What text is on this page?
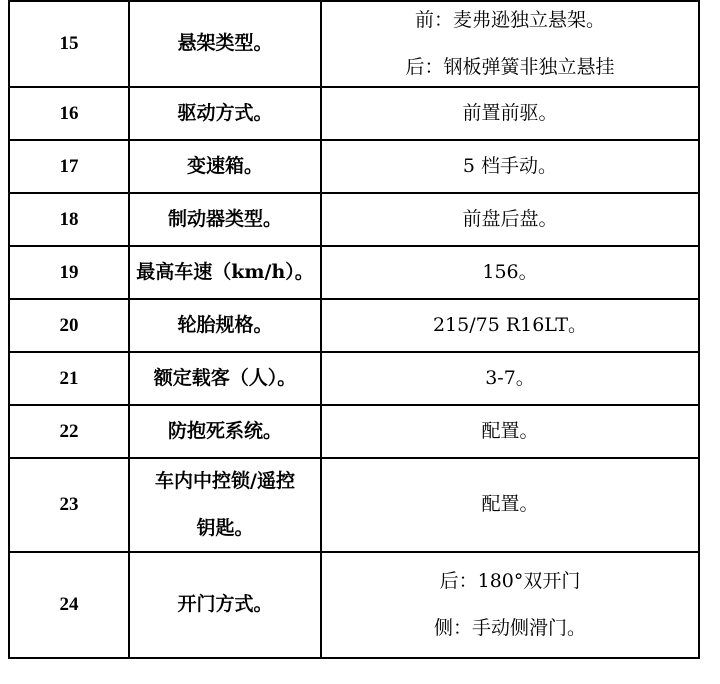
15	悬架类型。	前：麦弗逊独立悬架。
后：钢板弹簧非独立悬挂

16	驱动方式。	前置前驱。

17	变速箱。	5 档手动。

18	制动器类型。	前盘后盘。

19	最高车速（km/h）。	156。

20	轮胎规格。	215/75 R16LT。

21	额定载客（人）。	3-7。

22	防抱死系统。	配置。

23	车内中控锁/遥控
钥匙。	配置。

24	开门方式。	后：180°双开门
侧：手动侧滑门。
